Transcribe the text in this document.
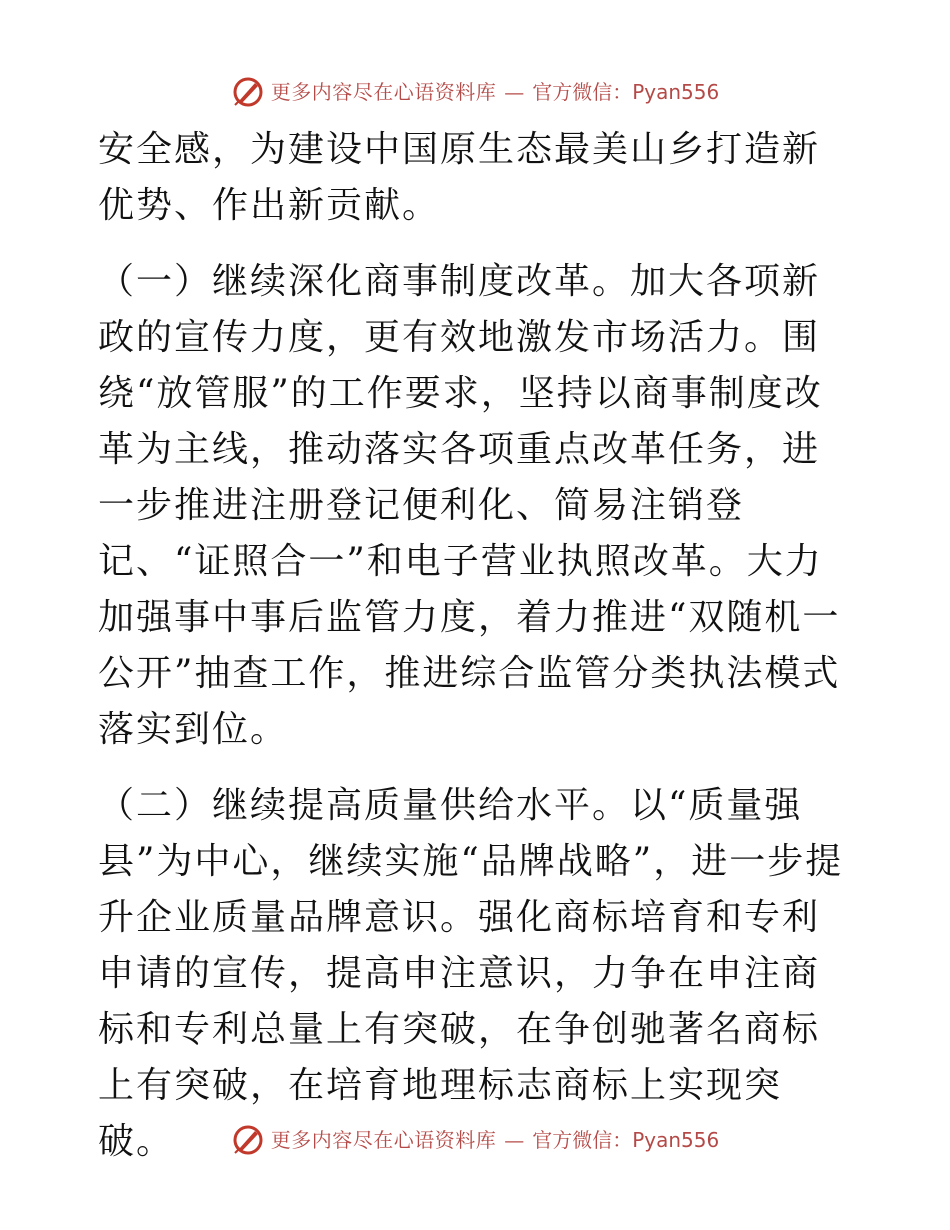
更多内容尽在心语资料库 — 官方微信：Pyan556

安全感，为建设中国原生态最美山乡打造新优势、作出新贡献。

（一）继续深化商事制度改革。加大各项新政的宣传力度，更有效地激发市场活力。围绕“放管服”的工作要求，坚持以商事制度改革为主线，推动落实各项重点改革任务，进一步推进注册登记便利化、简易注销登记、“证照合一”和电子营业执照改革。大力加强事中事后监管力度，着力推进“双随机一公开”抽查工作，推进综合监管分类执法模式落实到位。

（二）继续提高质量供给水平。以“质量强县”为中心，继续实施“品牌战略”，进一步提升企业质量品牌意识。强化商标培育和专利申请的宣传，提高申注意识，力争在申注商标和专利总量上有突破，在争创驰著名商标上有突破，在培育地理标志商标上实现突破。	更多内容尽在心语资料库 — 官方微信：Pyan556
